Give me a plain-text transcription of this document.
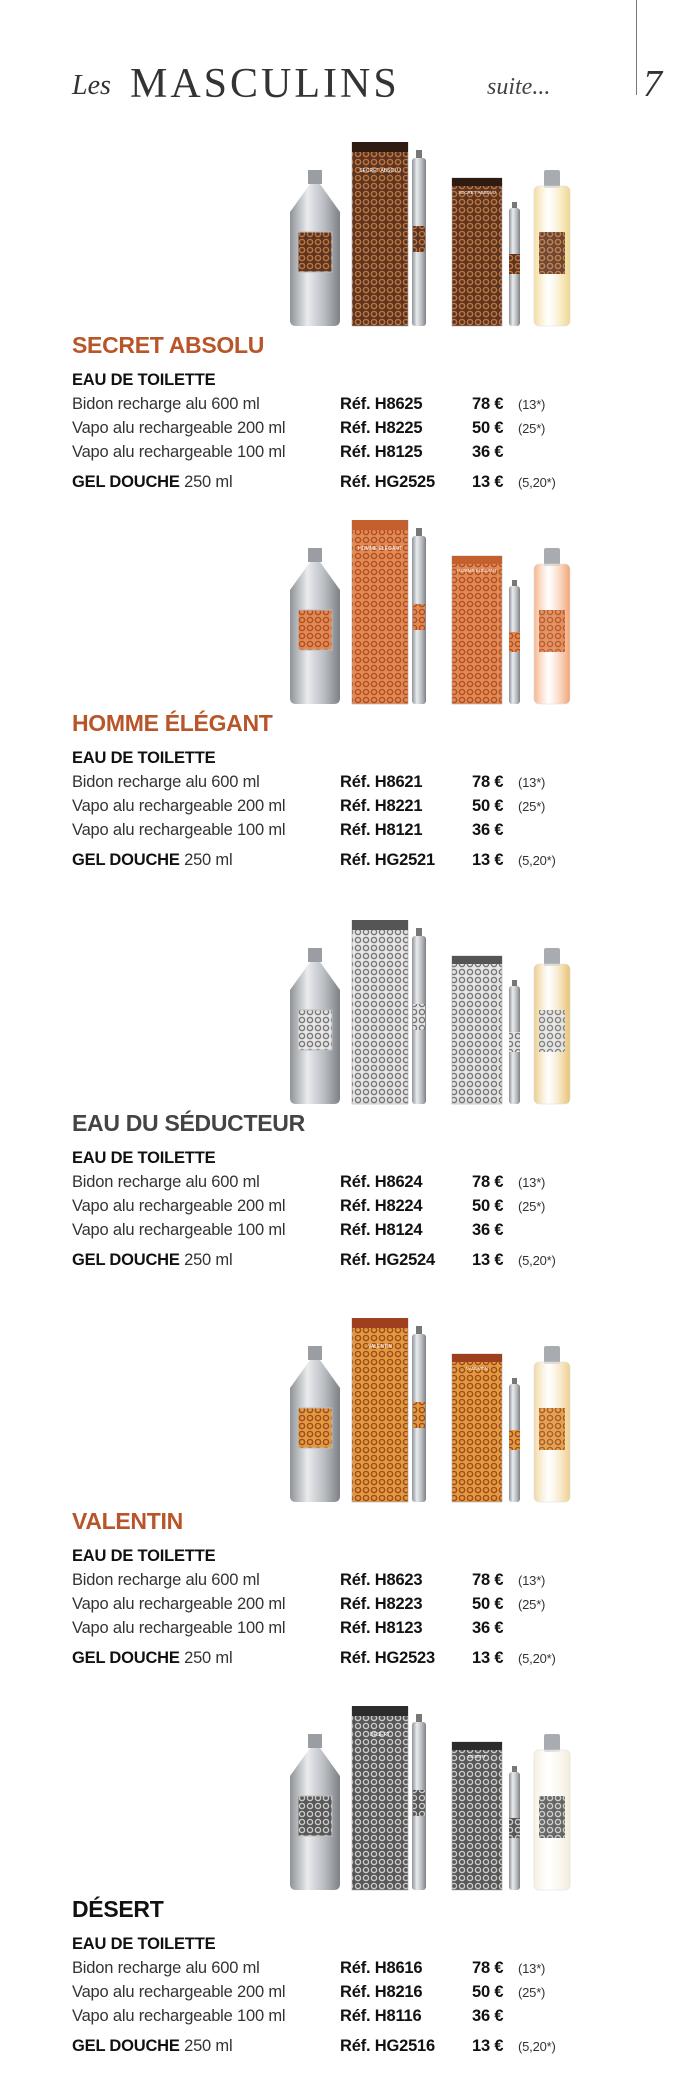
Les MASCULINS	suite... 7
SECRET ABSOLU
SECRET ABSOLU
SECRET ABSOLU
EAU DE TOILETTE
Bidon recharge alu 600 ml	Réf. H8625	78 € (13*)
Vapo alu rechargeable 200 ml	Réf. H8225	50 € (25*)
Vapo alu rechargeable 100 ml	Réf. H8125	36 €
GEL DOUCHE 250 ml	Réf. HG2525 13 € (5,20*)
HOMME ÉLÉGANT
HOMME ÉLÉGANT
HOMME ÉLÉGANT
EAU DE TOILETTE
Bidon recharge alu 600 ml	Réf. H8621	78 € (13*)
Vapo alu rechargeable 200 ml	Réf. H8221	50 € (25*)
Vapo alu rechargeable 100 ml	Réf. H8121	36 €
GEL DOUCHE 250 ml	Réf. HG2521 13 € (5,20*)
EAU DU SÉDUCTEUR
EAU DE TOILETTE
Bidon recharge alu 600 ml	Réf. H8624	78 € (13*)
Vapo alu rechargeable 200 ml	Réf. H8224	50 € (25*)
Vapo alu rechargeable 100 ml	Réf. H8124	36 €
GEL DOUCHE 250 ml	Réf. HG2524 13 € (5,20*)
VALENTIN
VALENTIN
VALENTIN
EAU DE TOILETTE
Bidon recharge alu 600 ml	Réf. H8623	78 € (13*)
Vapo alu rechargeable 200 ml	Réf. H8223	50 € (25*)
Vapo alu rechargeable 100 ml	Réf. H8123	36 €
GEL DOUCHE 250 ml	Réf. HG2523 13 € (5,20*)
DÉSERT
DÉSERT
DÉSERT
EAU DE TOILETTE
Bidon recharge alu 600 ml	Réf. H8616	78 € (13*)
Vapo alu rechargeable 200 ml	Réf. H8216	50 € (25*)
Vapo alu rechargeable 100 ml	Réf. H8116	36 €
GEL DOUCHE 250 ml	Réf. HG2516 13 € (5,20*)
